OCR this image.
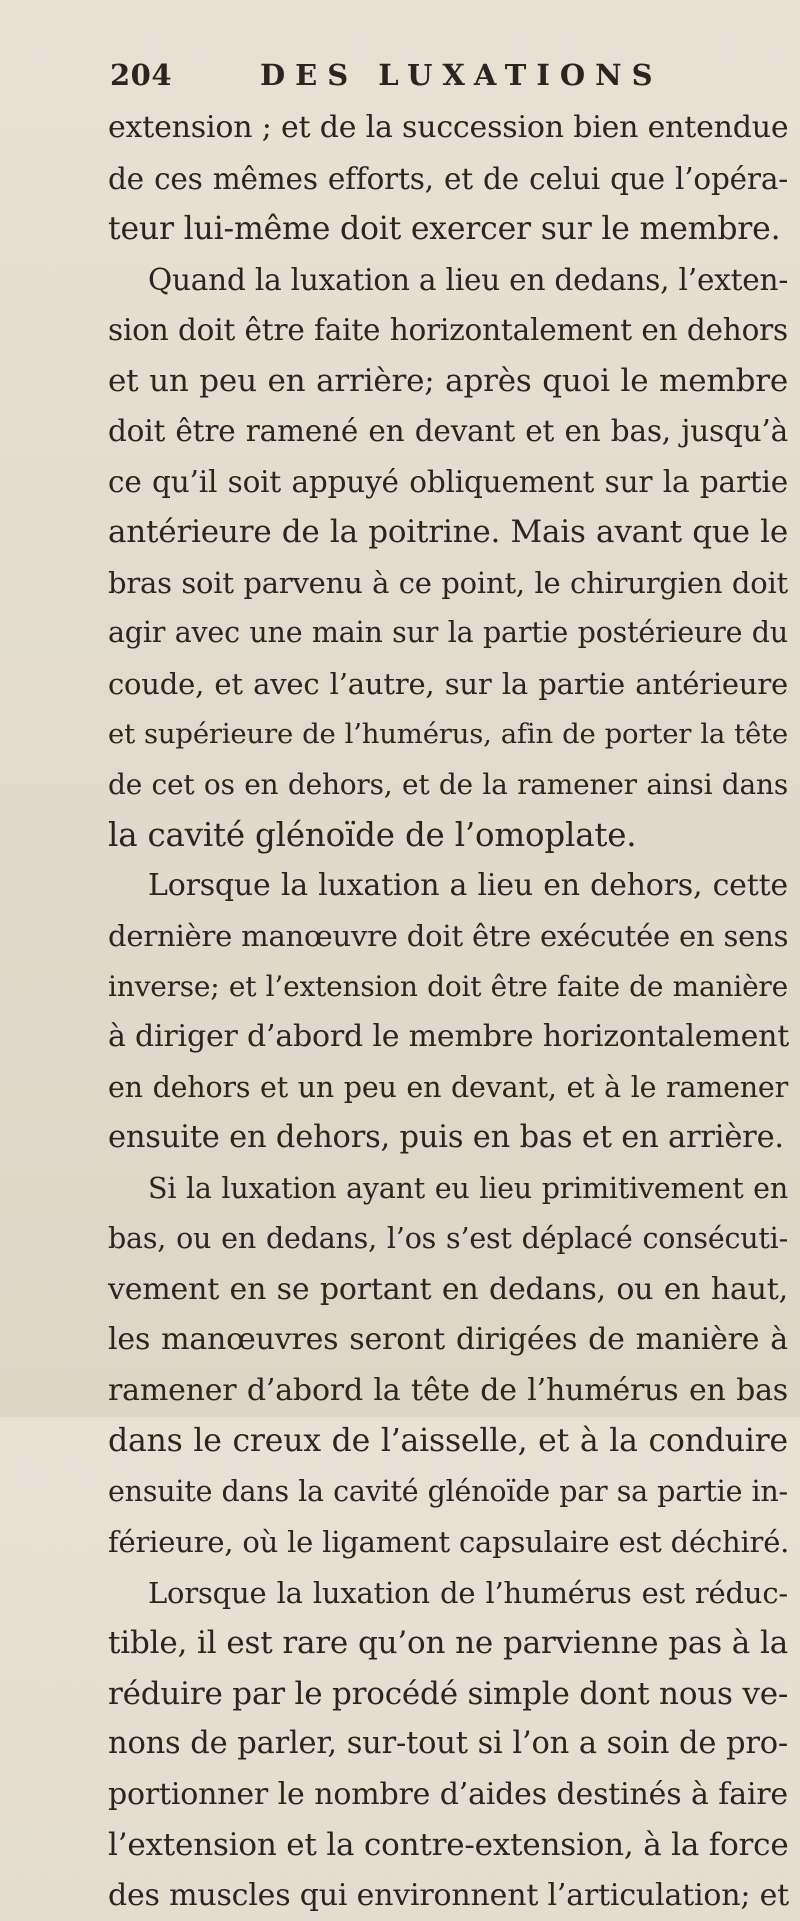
204	DES LUXATIONS
extension ; et de la succession bien entendue
de ces mêmes efforts, et de celui que l’opéra-
teur lui-même doit exercer sur le membre.
Quand la luxation a lieu en dedans, l’exten-
sion doit être faite horizontalement en dehors
et un peu en arrière; après quoi le membre
doit être ramené en devant et en bas, jusqu’à
ce qu’il soit appuyé obliquement sur la partie
antérieure de la poitrine. Mais avant que le
bras soit parvenu à ce point, le chirurgien doit
agir avec une main sur la partie postérieure du
coude, et avec l’autre, sur la partie antérieure
et supérieure de l’humérus, afin de porter la tête
de cet os en dehors, et de la ramener ainsi dans
la cavité glénoïde de l’omoplate.
Lorsque la luxation a lieu en dehors, cette
dernière manœuvre doit être exécutée en sens
inverse; et l’extension doit être faite de manière
à diriger d’abord le membre horizontalement
en dehors et un peu en devant, et à le ramener
ensuite en dehors, puis en bas et en arrière.
Si la luxation ayant eu lieu primitivement en
bas, ou en dedans, l’os s’est déplacé consécuti-
vement en se portant en dedans, ou en haut,
les manœuvres seront dirigées de manière à
ramener d’abord la tête de l’humérus en bas
dans le creux de l’aisselle, et à la conduire
ensuite dans la cavité glénoïde par sa partie in-
férieure, où le ligament capsulaire est déchiré.
Lorsque la luxation de l’humérus est réduc-
tible, il est rare qu’on ne parvienne pas à la
réduire par le procédé simple dont nous ve-
nons de parler, sur-tout si l’on a soin de pro-
portionner le nombre d’aides destinés à faire
l’extension et la contre-extension, à la force
des muscles qui environnent l’articulation; et
